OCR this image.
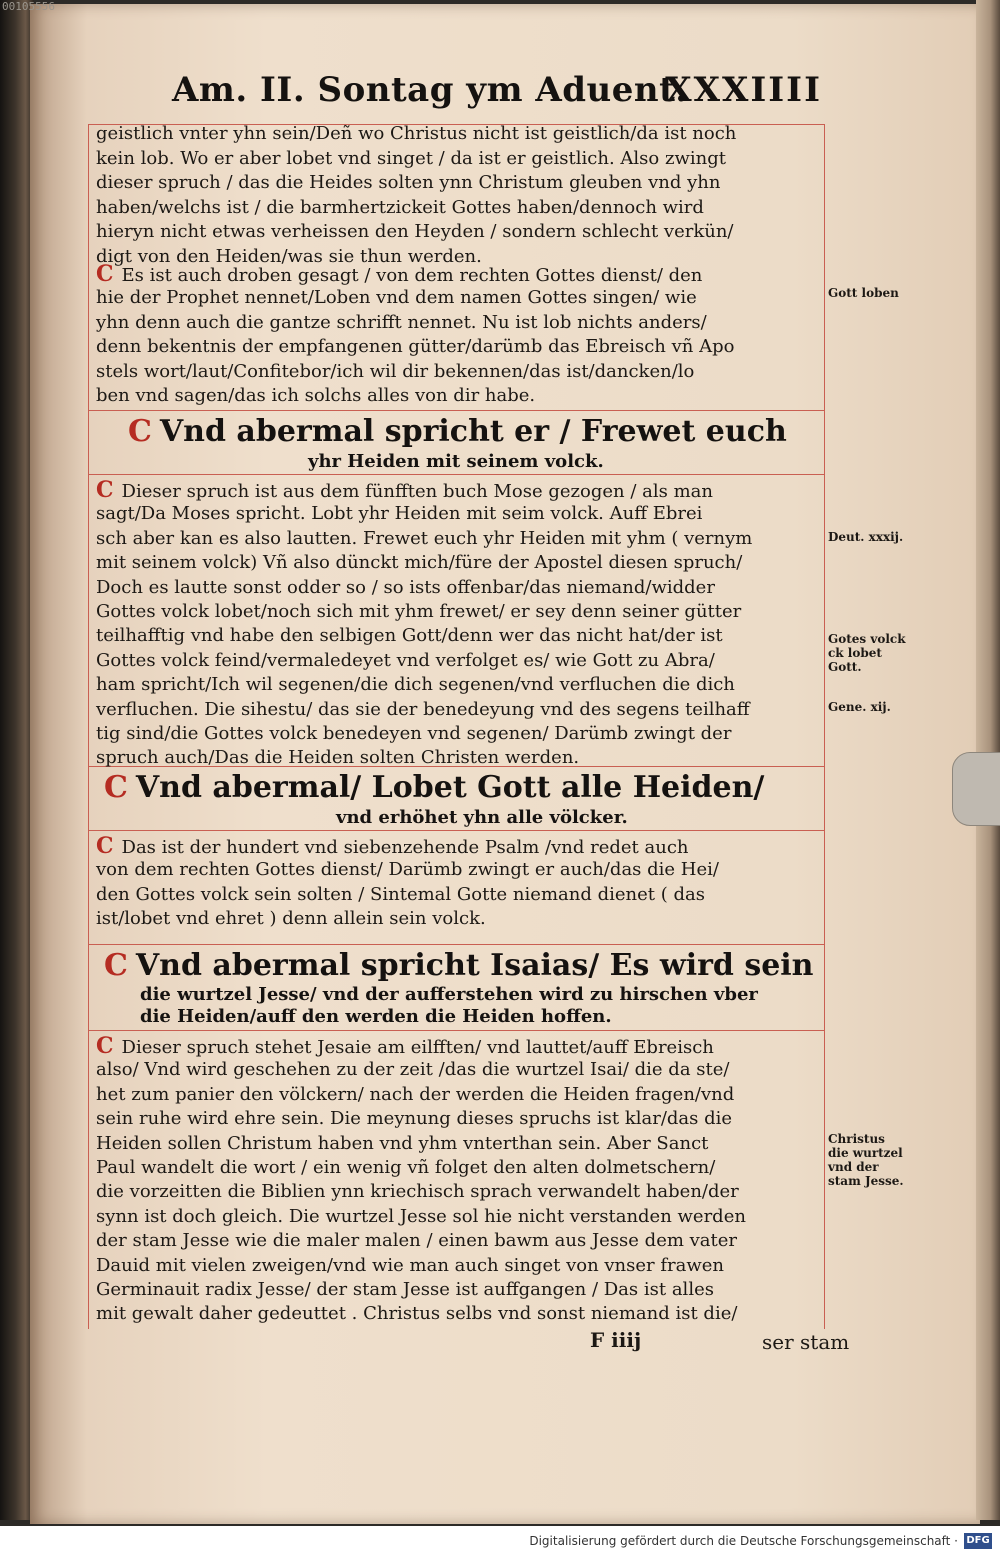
00105556
Am. II. Sontag ym Aduent.
XXXIIII
geistlich vnter yhn sein/Deñ wo Christus nicht ist geistlich/da ist noch
kein lob. Wo er aber lobet vnd singet / da ist er geistlich. Also zwingt
dieser spruch / das die Heides solten ynn Christum gleuben vnd yhn
haben/welchs ist / die barmhertzickeit Gottes haben/dennoch wird
hieryn nicht etwas verheissen den Heyden / sondern schlecht verkün/
digt von den Heiden/was sie thun werden.
C Es ist auch droben gesagt / von dem rechten Gottes dienst/ den
hie der Prophet nennet/Loben vnd dem namen Gottes singen/ wie
yhn denn auch die gantze schrifft nennet. Nu ist lob nichts anders/
denn bekentnis der empfangenen gütter/darümb das Ebreisch vñ Apo
stels wort/laut/Confitebor/ich wil dir bekennen/das ist/dancken/lo
ben vnd sagen/das ich solchs alles von dir habe.
C Vnd abermal spricht er / Frewet euch
yhr Heiden mit seinem volck.
C Dieser spruch ist aus dem fünfften buch Mose gezogen / als man
sagt/Da Moses spricht. Lobt yhr Heiden mit seim volck. Auff Ebrei
sch aber kan es also lautten. Frewet euch yhr Heiden mit yhm ( vernym
mit seinem volck) Vñ also dünckt mich/füre der Apostel diesen spruch/
Doch es lautte sonst odder so / so ists offenbar/das niemand/widder
Gottes volck lobet/noch sich mit yhm frewet/ er sey denn seiner gütter
teilhafftig vnd habe den selbigen Gott/denn wer das nicht hat/der ist
Gottes volck feind/vermaledeyet vnd verfolget es/ wie Gott zu Abra/
ham spricht/Ich wil segenen/die dich segenen/vnd verfluchen die dich
verfluchen. Die sihestu/ das sie der benedeyung vnd des segens teilhaff
tig sind/die Gottes volck benedeyen vnd segenen/ Darümb zwingt der
spruch auch/Das die Heiden solten Christen werden.
C Vnd abermal/ Lobet Gott alle Heiden/
vnd erhöhet yhn alle völcker.
C Das ist der hundert vnd siebenzehende Psalm /vnd redet auch
von dem rechten Gottes dienst/ Darümb zwingt er auch/das die Hei/
den Gottes volck sein solten / Sintemal Gotte niemand dienet ( das
ist/lobet vnd ehret ) denn allein sein volck.
C Vnd abermal spricht Isaias/ Es wird sein
die wurtzel Jesse/ vnd der aufferstehen wird zu hirschen vber
die Heiden/auff den werden die Heiden hoffen.
C Dieser spruch stehet Jesaie am eilfften/ vnd lauttet/auff Ebreisch
also/ Vnd wird geschehen zu der zeit /das die wurtzel Isai/ die da ste/
het zum panier den völckern/ nach der werden die Heiden fragen/vnd
sein ruhe wird ehre sein. Die meynung dieses spruchs ist klar/das die
Heiden sollen Christum haben vnd yhm vnterthan sein. Aber Sanct
Paul wandelt die wort / ein wenig vñ folget den alten dolmetschern/
die vorzeitten die Biblien ynn kriechisch sprach verwandelt haben/der
synn ist doch gleich. Die wurtzel Jesse sol hie nicht verstanden werden
der stam Jesse wie die maler malen / einen bawm aus Jesse dem vater
Dauid mit vielen zweigen/vnd wie man auch singet von vnser frawen
Germinauit radix Jesse/ der stam Jesse ist auffgangen / Das ist alles
mit gewalt daher gedeuttet . Christus selbs vnd sonst niemand ist die/
Gott loben
Deut. xxxij.
Gotes volck
ck lobet
Gott.
Gene. xij.
Christus
die wurtzel
vnd der
stam Jesse.
F iiij	ser stam
Digitalisierung gefördert durch die Deutsche Forschungsgemeinschaft · DFG
